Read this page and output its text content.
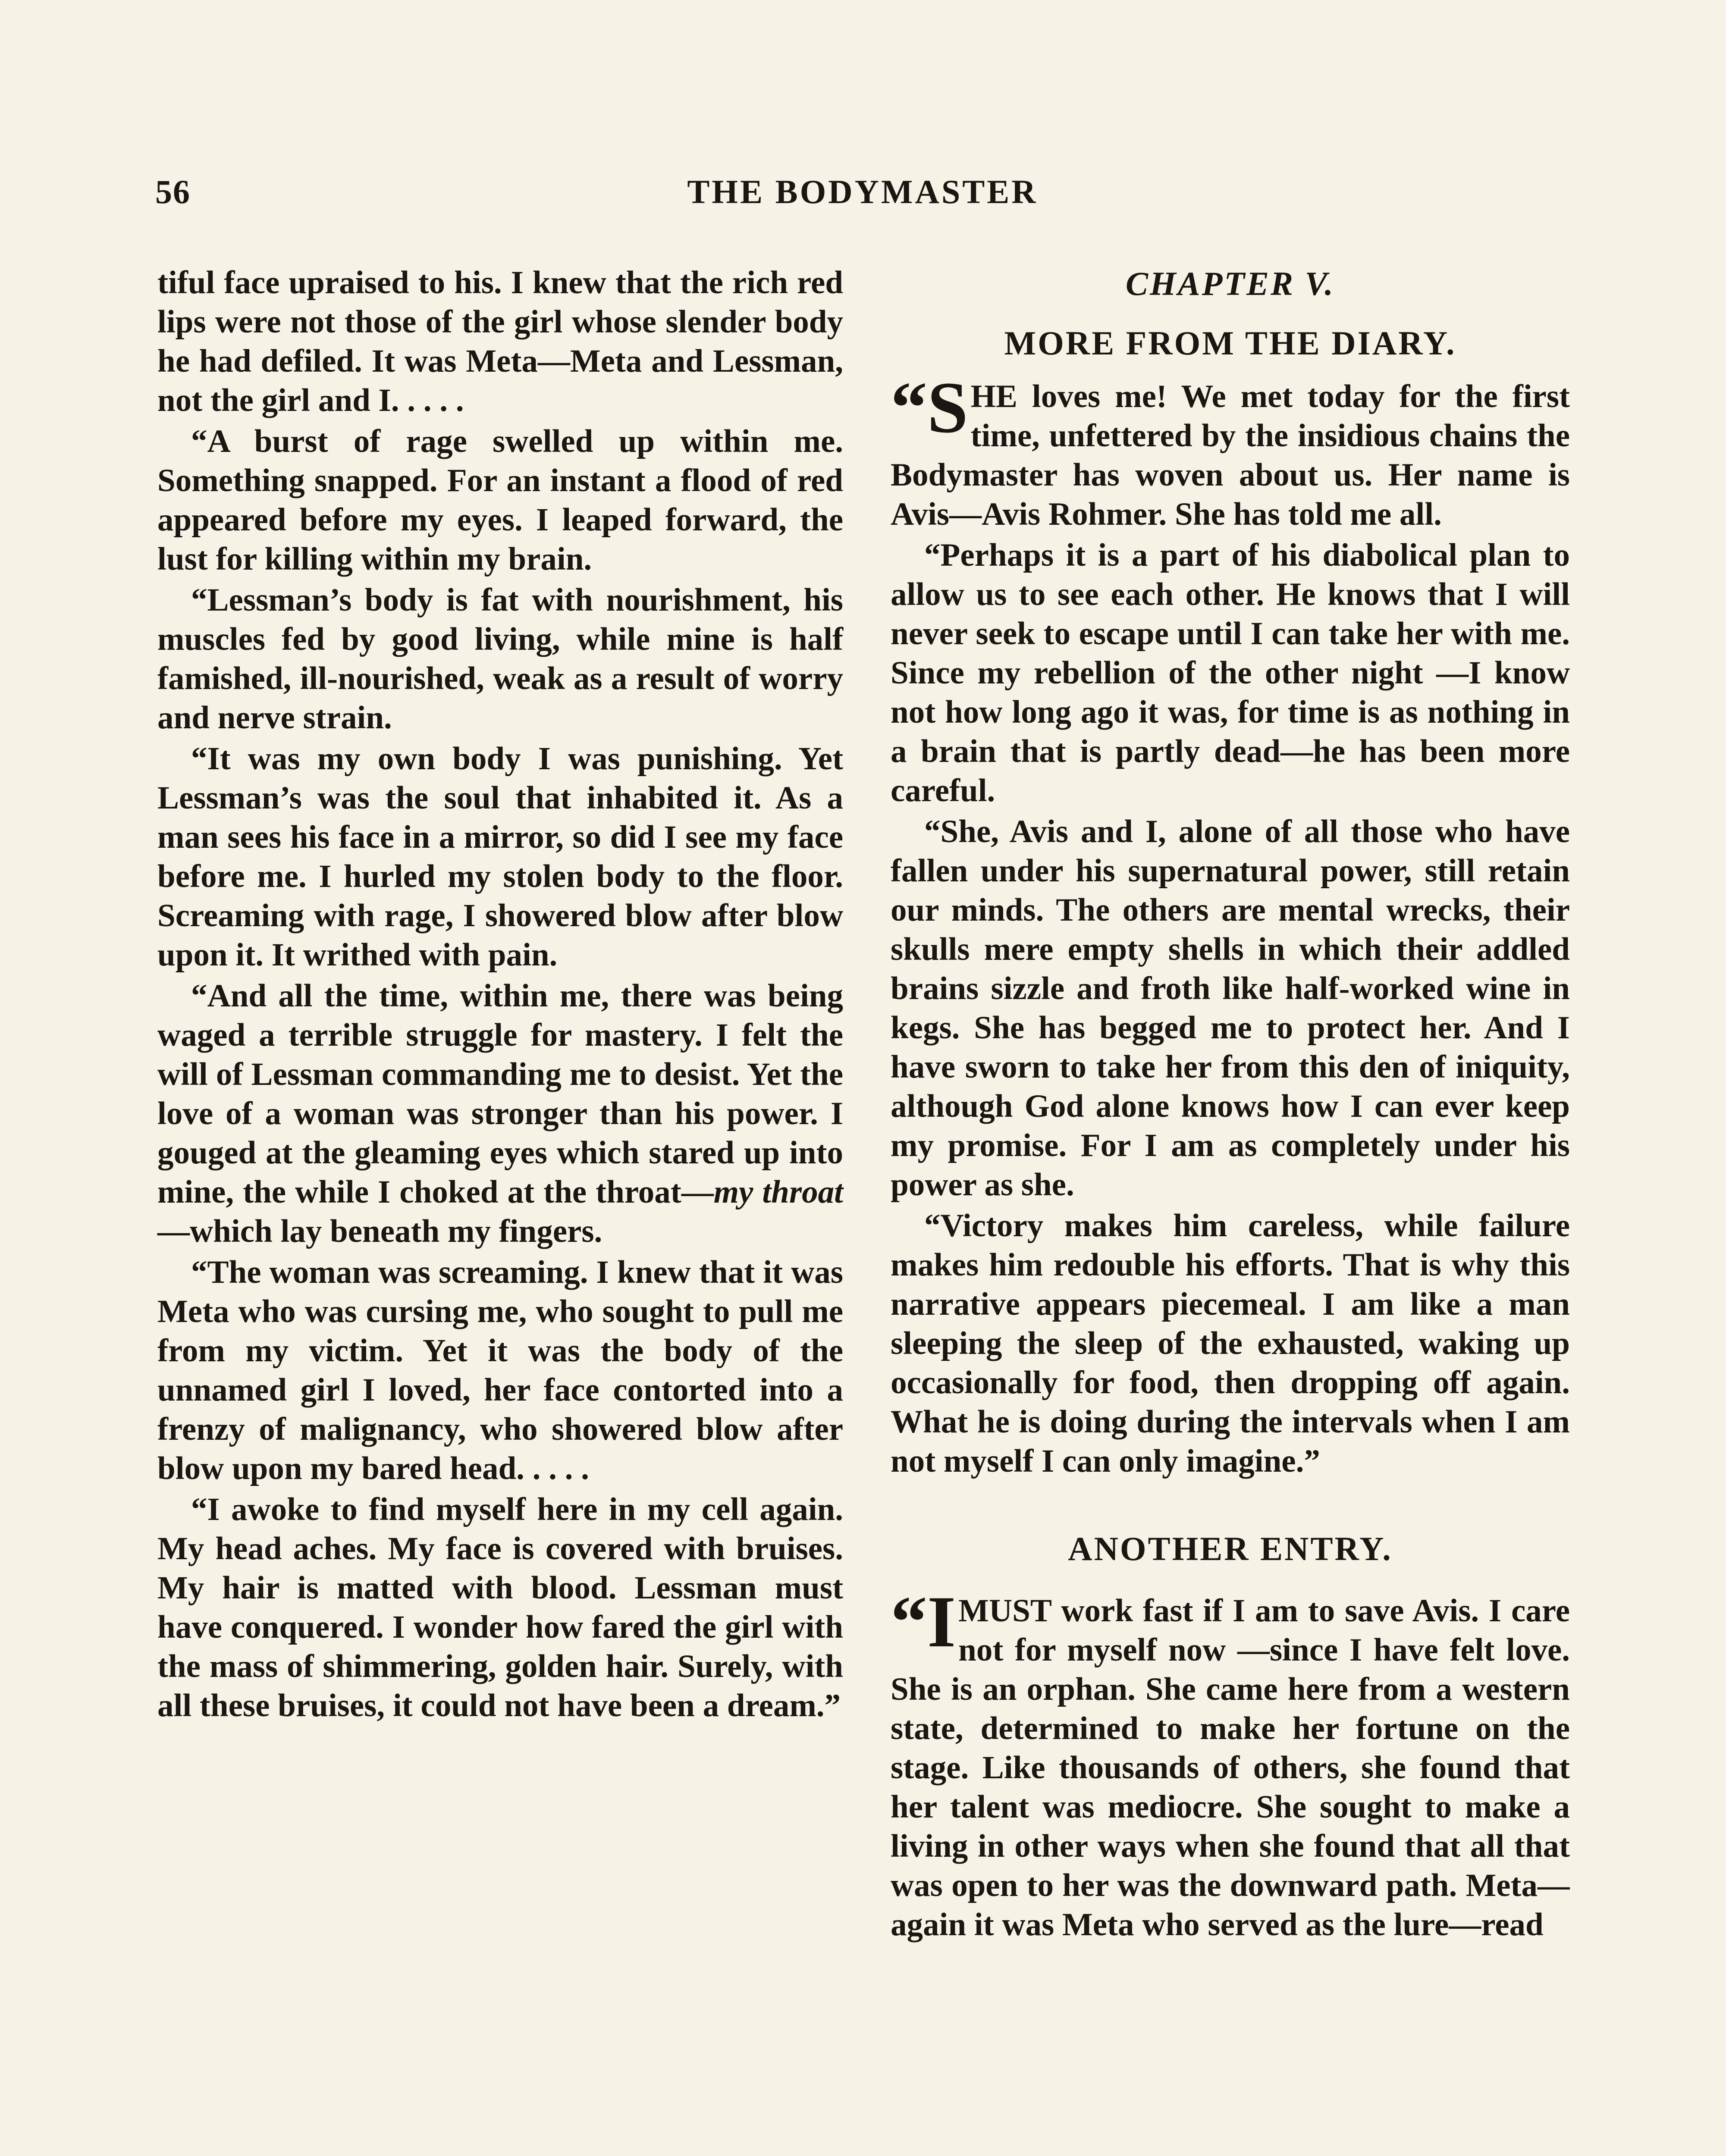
56	THE BODYMASTER

tiful face upraised to his. I knew that the rich red lips were not those of the girl whose slender body he had defiled. It was Meta—Meta and Lessman, not the girl and I. . . . .

“A burst of rage swelled up within me. Something snapped. For an instant a flood of red appeared before my eyes. I leaped forward, the lust for killing within my brain.

“Lessman’s body is fat with nourishment, his muscles fed by good living, while mine is half famished, ill-nourished, weak as a result of worry and nerve strain.

“It was my own body I was punishing. Yet Lessman’s was the soul that inhabited it. As a man sees his face in a mirror, so did I see my face before me. I hurled my stolen body to the floor. Screaming with rage, I showered blow after blow upon it. It writhed with pain.

“And all the time, within me, there was being waged a terrible struggle for mastery. I felt the will of Lessman commanding me to desist. Yet the love of a woman was stronger than his power. I gouged at the gleaming eyes which stared up into mine, the while I choked at the throat—my throat—which lay beneath my fingers.

“The woman was screaming. I knew that it was Meta who was cursing me, who sought to pull me from my victim. Yet it was the body of the unnamed girl I loved, her face contorted into a frenzy of malignancy, who showered blow after blow upon my bared head. . . . .

“I awoke to find myself here in my cell again. My head aches. My face is covered with bruises. My hair is matted with blood. Lessman must have conquered. I wonder how fared the girl with the mass of shimmering, golden hair. Surely, with all these bruises, it could not have been a dream.”

CHAPTER V.
MORE FROM THE DIARY.

“S HE loves me! We met today for the first time, unfettered by the insidious chains the Bodymaster has woven about us. Her name is Avis—Avis Rohmer. She has told me all.

“Perhaps it is a part of his diabolical plan to allow us to see each other. He knows that I will never seek to escape until I can take her with me. Since my rebellion of the other night —I know not how long ago it was, for time is as nothing in a brain that is partly dead—he has been more careful.

“She, Avis and I, alone of all those who have fallen under his supernatural power, still retain our minds. The others are mental wrecks, their skulls mere empty shells in which their addled brains sizzle and froth like half-worked wine in kegs. She has begged me to protect her. And I have sworn to take her from this den of iniquity, although God alone knows how I can ever keep my promise. For I am as completely under his power as she.

“Victory makes him careless, while failure makes him redouble his efforts. That is why this narrative appears piecemeal. I am like a man sleeping the sleep of the exhausted, waking up occasionally for food, then dropping off again. What he is doing during the intervals when I am not myself I can only imagine.”

ANOTHER ENTRY.

“I MUST work fast if I am to save Avis. I care not for myself now —since I have felt love. She is an orphan. She came here from a western state, determined to make her fortune on the stage. Like thousands of others, she found that her talent was mediocre. She sought to make a living in other ways when she found that all that was open to her was the downward path. Meta—again it was Meta who served as the lure—read
